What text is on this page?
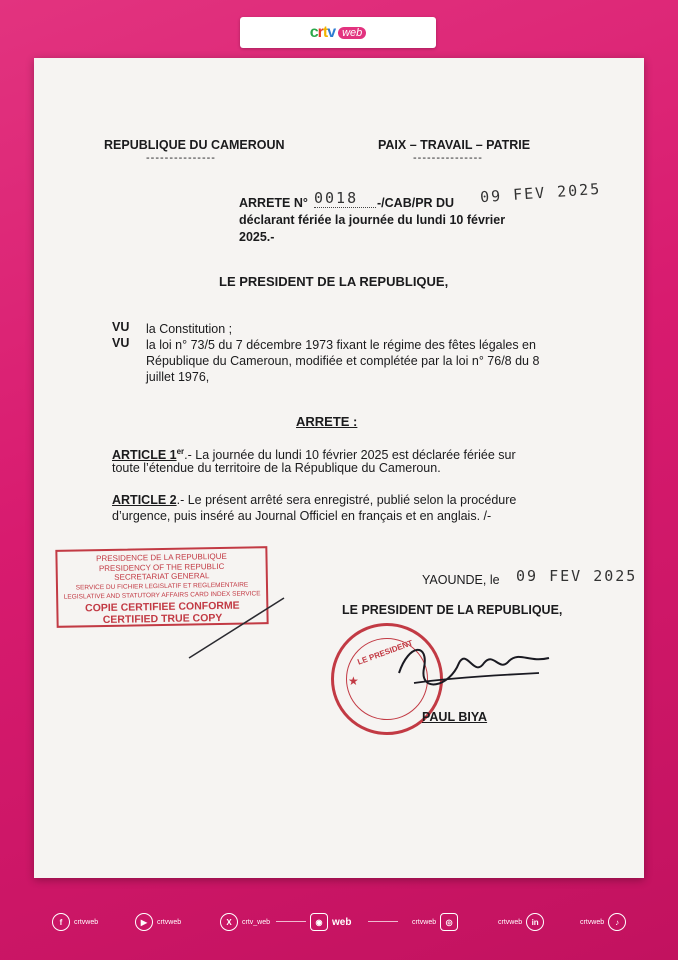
crtv web
REPUBLIQUE DU CAMEROUN
---------------
PAIX – TRAVAIL – PATRIE
---------------
ARRETE N° 0018	-/CAB/PR DU 09 FEV 2025
déclarant fériée la journée du lundi 10 février
2025.-
LE PRESIDENT DE LA REPUBLIQUE,
VU la Constitution ;
VU la loi n° 73/5 du 7 décembre 1973 fixant le régime des fêtes légales en
République du Cameroun, modifiée et complétée par la loi n° 76/8 du 8
juillet 1976,
ARRETE :
ARTICLE 1er.- La journée du lundi 10 février 2025 est déclarée fériée sur
toute l’étendue du territoire de la République du Cameroun.
ARTICLE 2.- Le présent arrêté sera enregistré, publié selon la procédure
d’urgence, puis inséré au Journal Officiel en français et en anglais. /-
PRESIDENCE DE LA REPUBLIQUE
PRESIDENCY OF THE REPUBLIC
SECRETARIAT GENERAL
SERVICE DU FICHIER LEGISLATIF ET REGLEMENTAIRE
LEGISLATIVE AND STATUTORY AFFAIRS CARD INDEX SERVICE
COPIE CERTIFIEE CONFORME
CERTIFIED TRUE COPY
YAOUNDE, le 09 FEV 2025
LE PRESIDENT DE LA REPUBLIQUE,
LE PRESIDENT
★
PAUL BIYA
f	crtvweb	▶	crtvweb	X	crtv_web	◉ web	crtvweb	◎	crtvweb	in	crtvweb	♪
